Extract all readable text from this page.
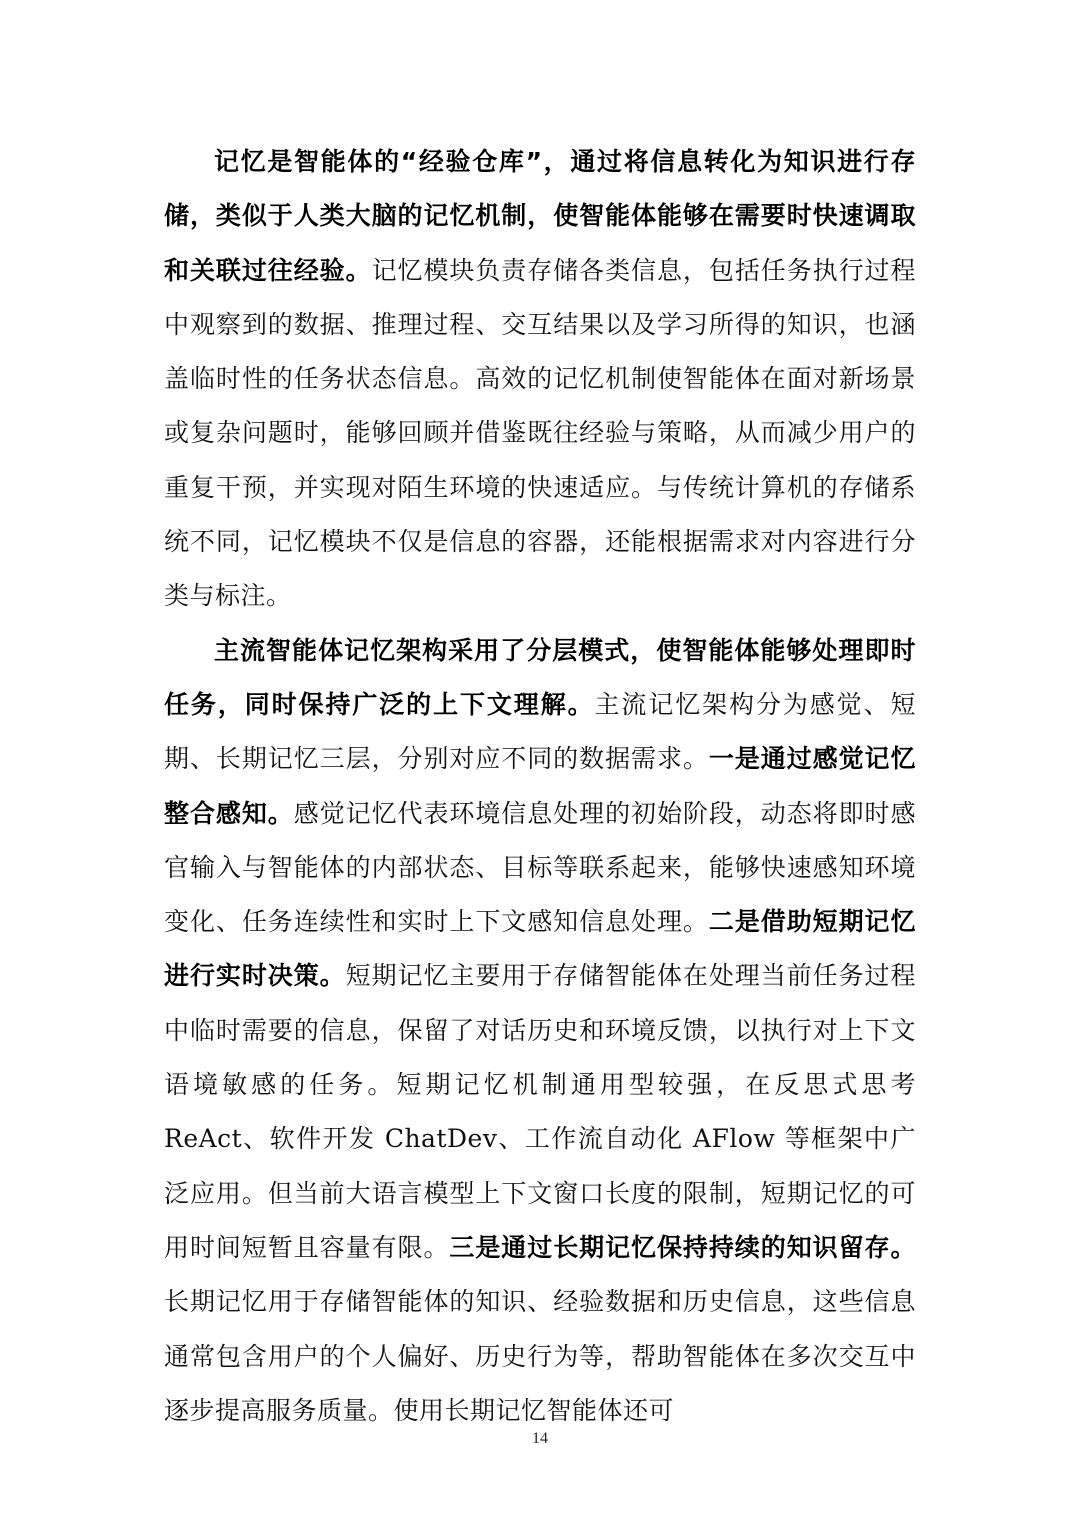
记忆是智能体的“经验仓库”，通过将信息转化为知识进行存储，类似于人类大脑的记忆机制，使智能体能够在需要时快速调取和关联过往经验。记忆模块负责存储各类信息，包括任务执行过程中观察到的数据、推理过程、交互结果以及学习所得的知识，也涵盖临时性的任务状态信息。高效的记忆机制使智能体在面对新场景或复杂问题时，能够回顾并借鉴既往经验与策略，从而减少用户的重复干预，并实现对陌生环境的快速适应。与传统计算机的存储系统不同，记忆模块不仅是信息的容器，还能根据需求对内容进行分类与标注。

主流智能体记忆架构采用了分层模式，使智能体能够处理即时任务，同时保持广泛的上下文理解。主流记忆架构分为感觉、短期、长期记忆三层，分别对应不同的数据需求。一是通过感觉记忆整合感知。感觉记忆代表环境信息处理的初始阶段，动态将即时感官输入与智能体的内部状态、目标等联系起来，能够快速感知环境变化、任务连续性和实时上下文感知信息处理。二是借助短期记忆进行实时决策。短期记忆主要用于存储智能体在处理当前任务过程中临时需要的信息，保留了对话历史和环境反馈，以执行对上下文语境敏感的任务。短期记忆机制通用型较强，在反思式思考 ReAct、软件开发 ChatDev、工作流自动化 AFlow 等框架中广泛应用。但当前大语言模型上下文窗口长度的限制，短期记忆的可用时间短暂且容量有限。三是通过长期记忆保持持续的知识留存。长期记忆用于存储智能体的知识、经验数据和历史信息，这些信息通常包含用户的个人偏好、历史行为等，帮助智能体在多次交互中逐步提高服务质量。使用长期记忆智能体还可

14
